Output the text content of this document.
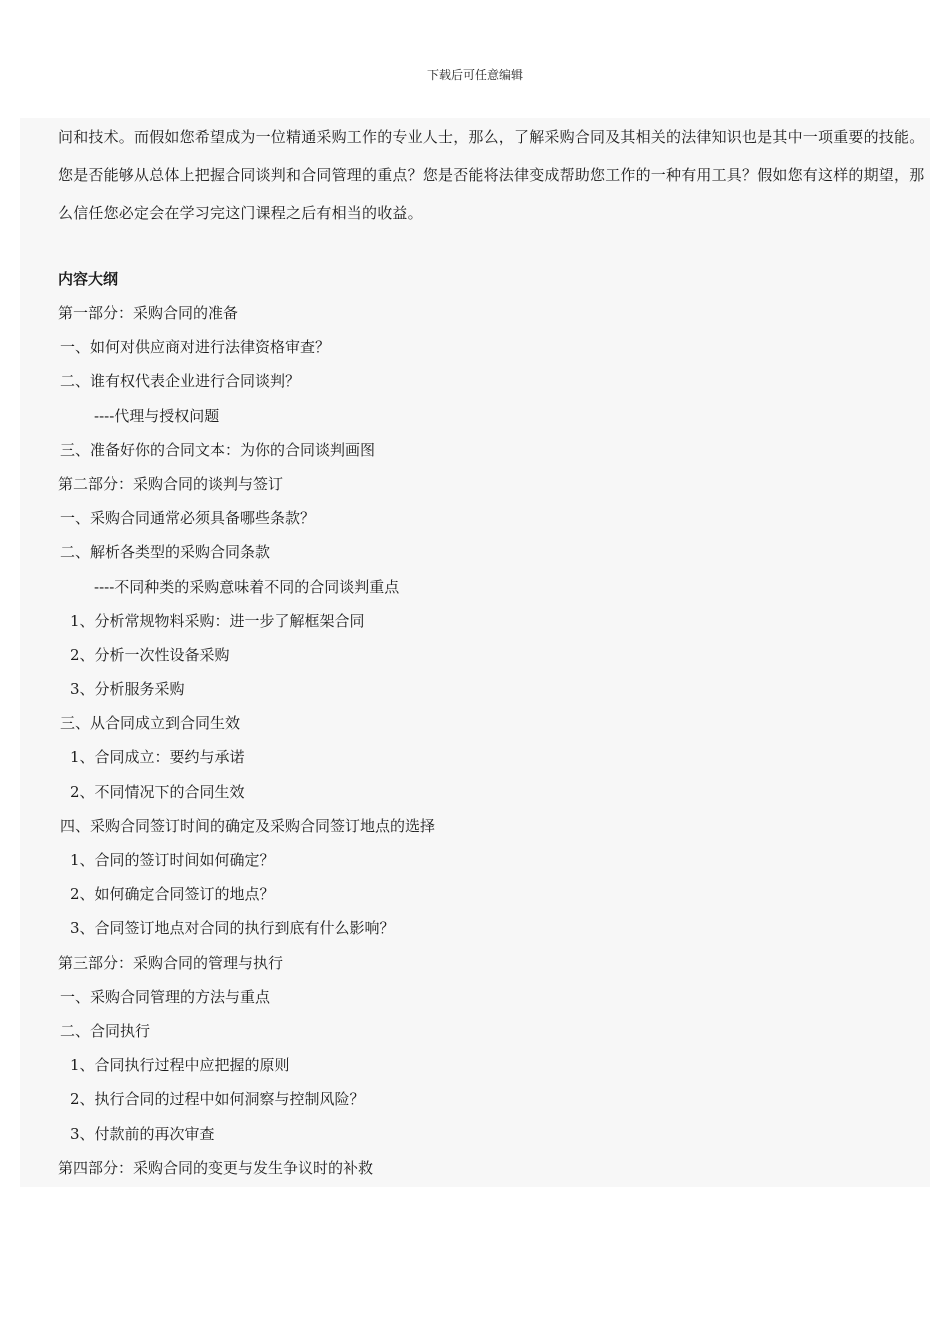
下载后可任意编辑

问和技术。而假如您希望成为一位精通采购工作的专业人士，那么，了解采购合同及其相关的法律知识也是其中一项重要的技能。您是否能够从总体上把握合同谈判和合同管理的重点？您是否能将法律变成帮助您工作的一种有用工具？假如您有这样的期望，那么信任您必定会在学习完这门课程之后有相当的收益。

内容大纲
第一部分：采购合同的准备
一、如何对供应商对进行法律资格审查？
二、谁有权代表企业进行合同谈判？
----代理与授权问题
三、准备好你的合同文本：为你的合同谈判画图
第二部分：采购合同的谈判与签订
一、采购合同通常必须具备哪些条款？
二、解析各类型的采购合同条款
----不同种类的采购意味着不同的合同谈判重点
1、分析常规物料采购：进一步了解框架合同
2、分析一次性设备采购
3、分析服务采购
三、从合同成立到合同生效
1、合同成立：要约与承诺
2、不同情况下的合同生效
四、采购合同签订时间的确定及采购合同签订地点的选择
1、合同的签订时间如何确定？
2、如何确定合同签订的地点？
3、合同签订地点对合同的执行到底有什么影响？
第三部分：采购合同的管理与执行
一、采购合同管理的方法与重点
二、合同执行
1、合同执行过程中应把握的原则
2、执行合同的过程中如何洞察与控制风险？
3、付款前的再次审查
第四部分：采购合同的变更与发生争议时的补救
